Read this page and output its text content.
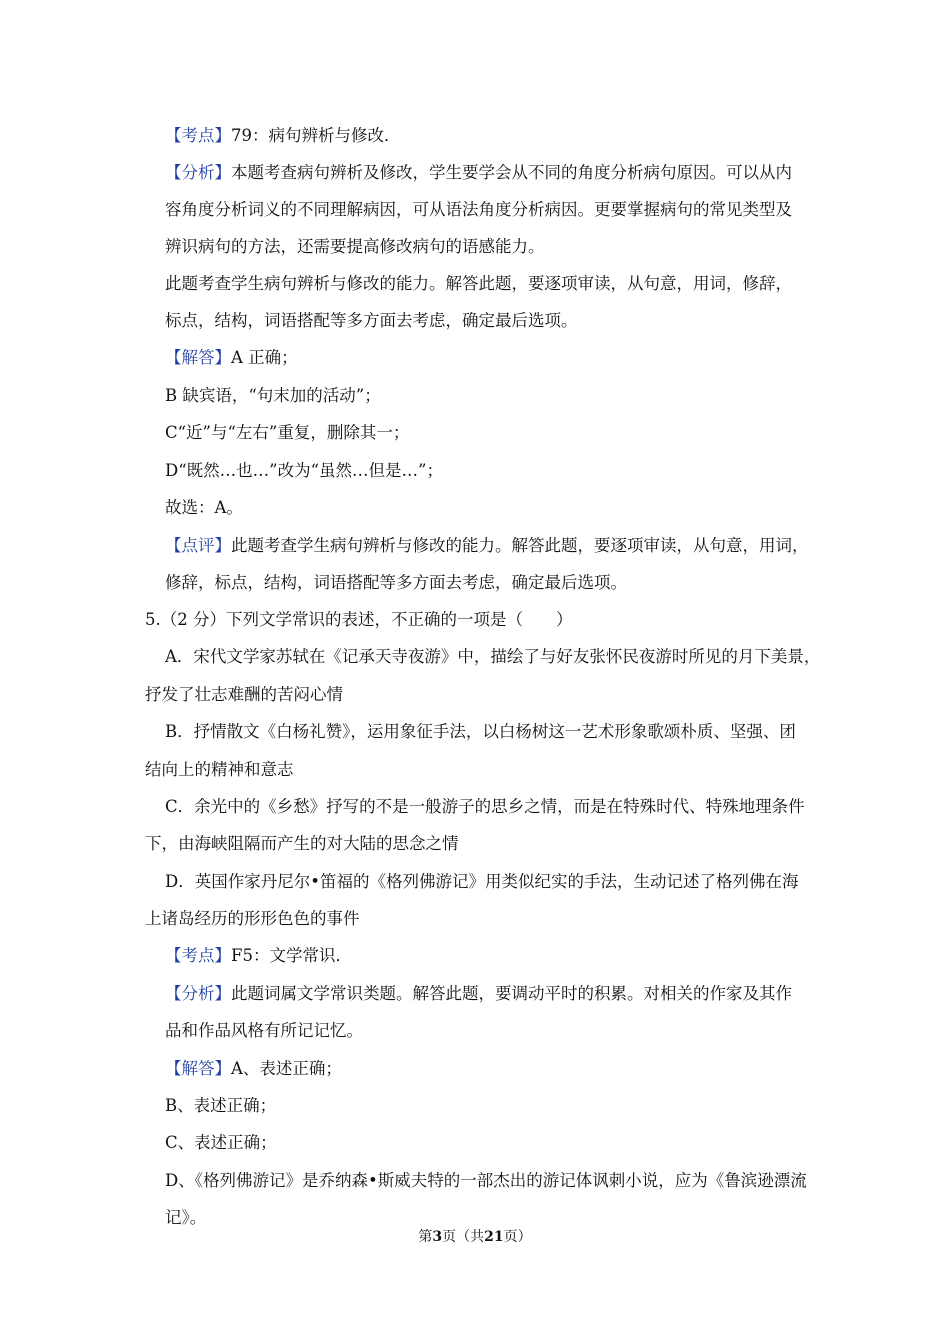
【考点】79：病句辨析与修改．
【分析】本题考查病句辨析及修改，学生要学会从不同的角度分析病句原因。可以从内
容角度分析词义的不同理解病因，可从语法角度分析病因。更要掌握病句的常见类型及
辨识病句的方法，还需要提高修改病句的语感能力。
此题考查学生病句辨析与修改的能力。解答此题，要逐项审读，从句意，用词，修辞，
标点，结构，词语搭配等多方面去考虑，确定最后选项。
【解答】A 正确；
B 缺宾语，“句末加的活动”；
C“近”与“左右”重复，删除其一；
D“既然…也…”改为“虽然…但是…”；
故选：A。
【点评】此题考查学生病句辨析与修改的能力。解答此题，要逐项审读，从句意，用词，
修辞，标点，结构，词语搭配等多方面去考虑，确定最后选项。
5.（2 分）下列文学常识的表述，不正确的一项是（　　）
A．宋代文学家苏轼在《记承天寺夜游》中，描绘了与好友张怀民夜游时所见的月下美景，
抒发了壮志难酬的苦闷心情
B．抒情散文《白杨礼赞》，运用象征手法，以白杨树这一艺术形象歌颂朴质、坚强、团
结向上的精神和意志
C．余光中的《乡愁》抒写的不是一般游子的思乡之情，而是在特殊时代、特殊地理条件
下，由海峡阻隔而产生的对大陆的思念之情
D．英国作家丹尼尔•笛福的《格列佛游记》用类似纪实的手法，生动记述了格列佛在海
上诸岛经历的形形色色的事件
【考点】F5：文学常识．
【分析】此题词属文学常识类题。解答此题，要调动平时的积累。对相关的作家及其作
品和作品风格有所记记忆。
【解答】A、表述正确；
B、表述正确；
C、表述正确；
D、《格列佛游记》是乔纳森•斯威夫特的一部杰出的游记体讽刺小说，应为《鲁滨逊漂流
记》。
第3页（共21页）
